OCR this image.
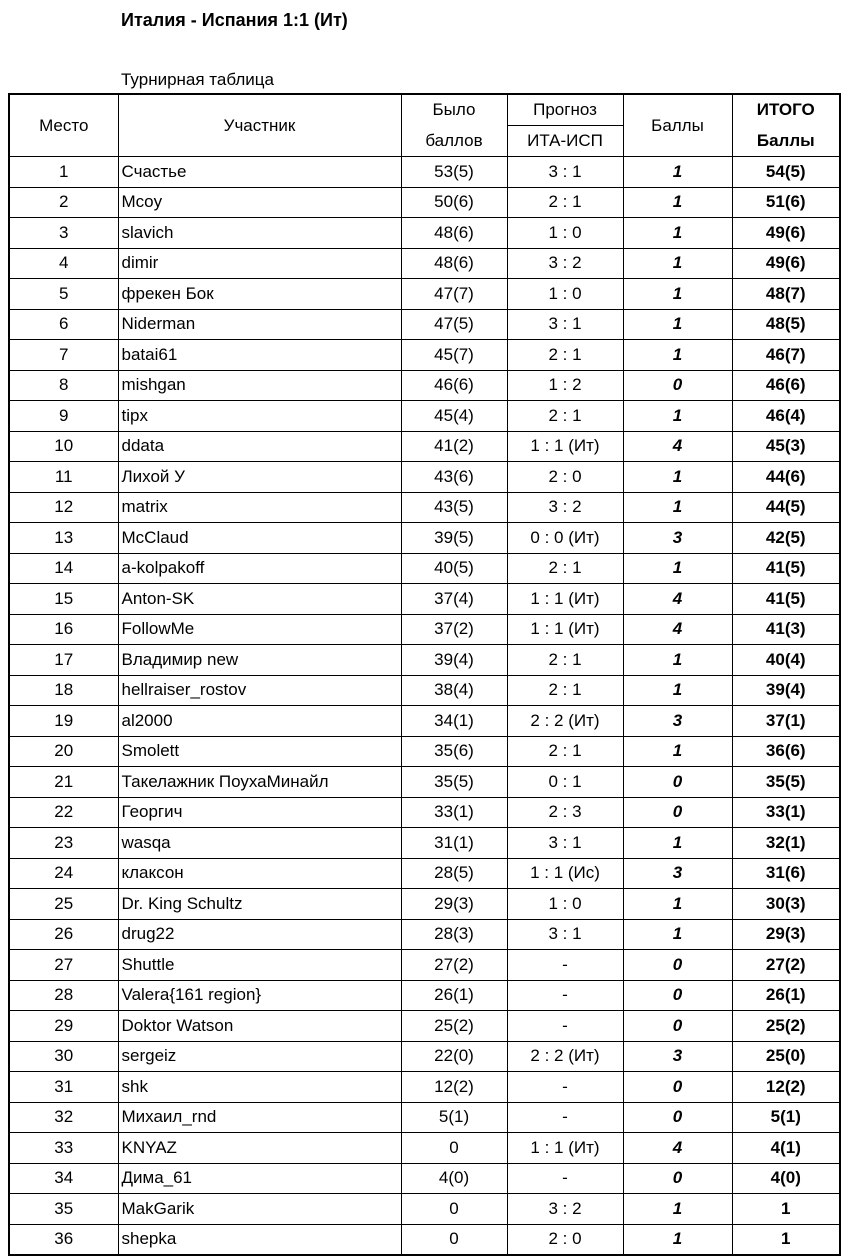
Италия - Испания 1:1 (Ит)
Турнирная таблица
Место	Участник	Было	Прогноз	Баллы	ИТОГО
		баллов	ИТА-ИСП		Баллы
1	Счастье	53(5)	3 : 1	1	54(5)
2	Mcoy	50(6)	2 : 1	1	51(6)
3	slavich	48(6)	1 : 0	1	49(6)
4	dimir	48(6)	3 : 2	1	49(6)
5	фрекен Бок	47(7)	1 : 0	1	48(7)
6	Niderman	47(5)	3 : 1	1	48(5)
7	batai61	45(7)	2 : 1	1	46(7)
8	mishgan	46(6)	1 : 2	0	46(6)
9	tipx	45(4)	2 : 1	1	46(4)
10	ddata	41(2)	1 : 1 (Ит)	4	45(3)
11	Лихой У	43(6)	2 : 0	1	44(6)
12	matrix	43(5)	3 : 2	1	44(5)
13	McClaud	39(5)	0 : 0 (Ит)	3	42(5)
14	a-kolpakoff	40(5)	2 : 1	1	41(5)
15	Anton-SK	37(4)	1 : 1 (Ит)	4	41(5)
16	FollowMe	37(2)	1 : 1 (Ит)	4	41(3)
17	Владимир new	39(4)	2 : 1	1	40(4)
18	hellraiser_rostov	38(4)	2 : 1	1	39(4)
19	al2000	34(1)	2 : 2 (Ит)	3	37(1)
20	Smolett	35(6)	2 : 1	1	36(6)
21	Такелажник ПоухаМинайл	35(5)	0 : 1	0	35(5)
22	Георгич	33(1)	2 : 3	0	33(1)
23	wasqa	31(1)	3 : 1	1	32(1)
24	клаксон	28(5)	1 : 1 (Ис)	3	31(6)
25	Dr. King Schultz	29(3)	1 : 0	1	30(3)
26	drug22	28(3)	3 : 1	1	29(3)
27	Shuttle	27(2)	-	0	27(2)
28	Valera{161 region}	26(1)	-	0	26(1)
29	Doktor Watson	25(2)	-	0	25(2)
30	sergeiz	22(0)	2 : 2 (Ит)	3	25(0)
31	shk	12(2)	-	0	12(2)
32	Михаил_rnd	5(1)	-	0	5(1)
33	KNYAZ	0	1 : 1 (Ит)	4	4(1)
34	Дима_61	4(0)	-	0	4(0)
35	MakGarik	0	3 : 2	1	1
36	shepka	0	2 : 0	1	1
